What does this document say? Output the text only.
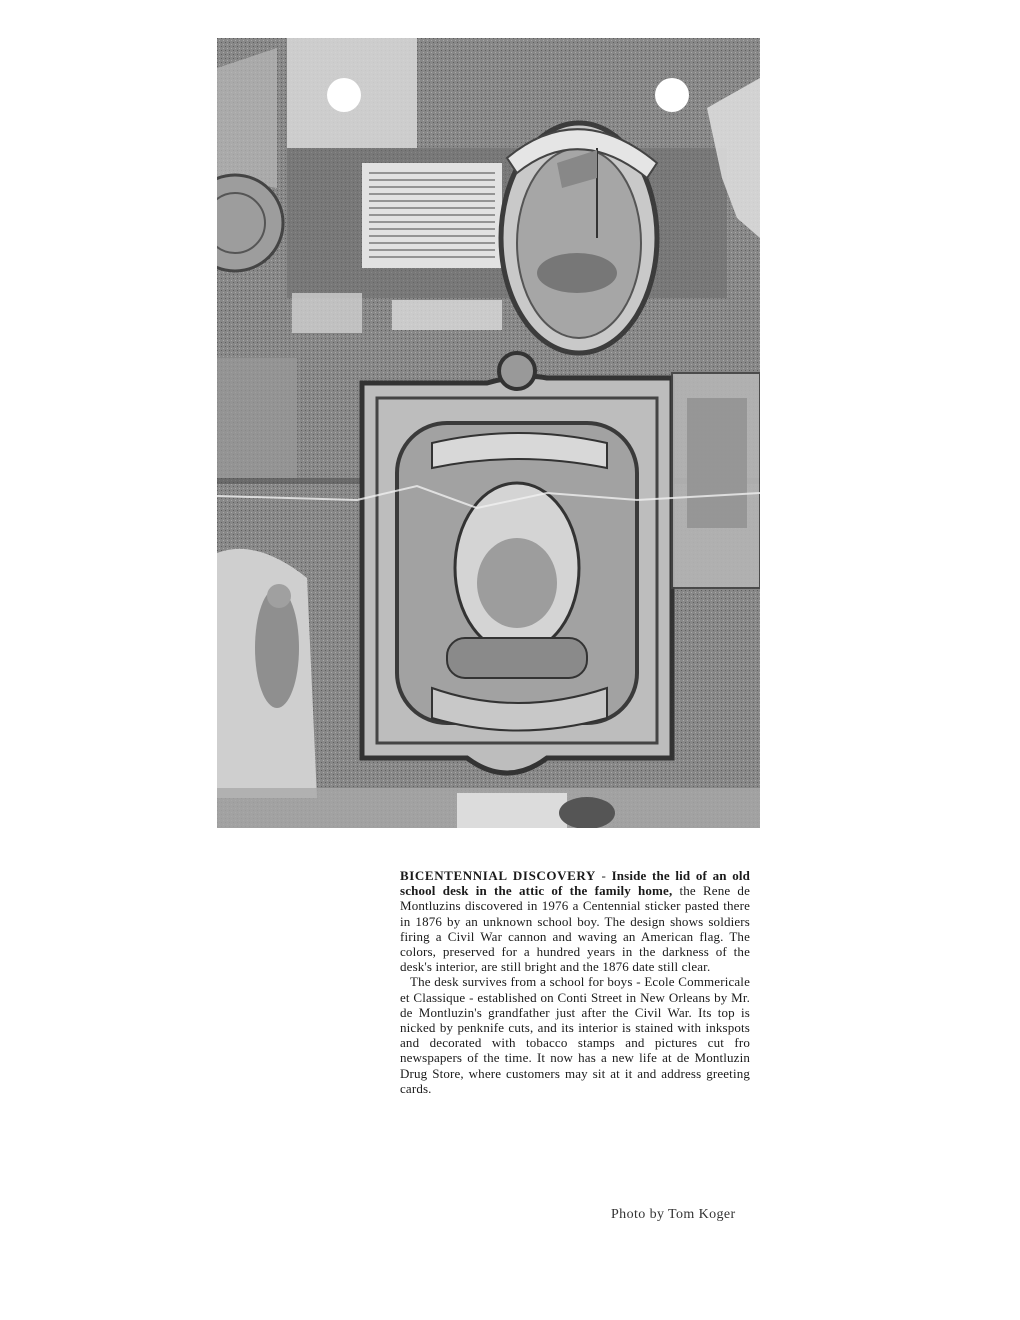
BICENTENNIAL DISCOVERY - Inside the lid of an old school desk in the attic of the family home, the Rene de Montluzins discovered in 1976 a Centennial sticker pasted there in 1876 by an unknown school boy. The design shows soldiers firing a Civil War cannon and waving an American flag. The colors, preserved for a hundred years in the darkness of the desk's interior, are still bright and the 1876 date still clear.

The desk survives from a school for boys - Ecole Commericale et Classique - established on Conti Street in New Orleans by Mr. de Montluzin's grandfather just after the Civil War. Its top is nicked by penknife cuts, and its interior is stained with inkspots and decorated with tobacco stamps and pictures cut fro newspapers of the time. It now has a new life at de Montluzin Drug Store, where customers may sit at it and address greeting cards.

Photo by Tom Koger
